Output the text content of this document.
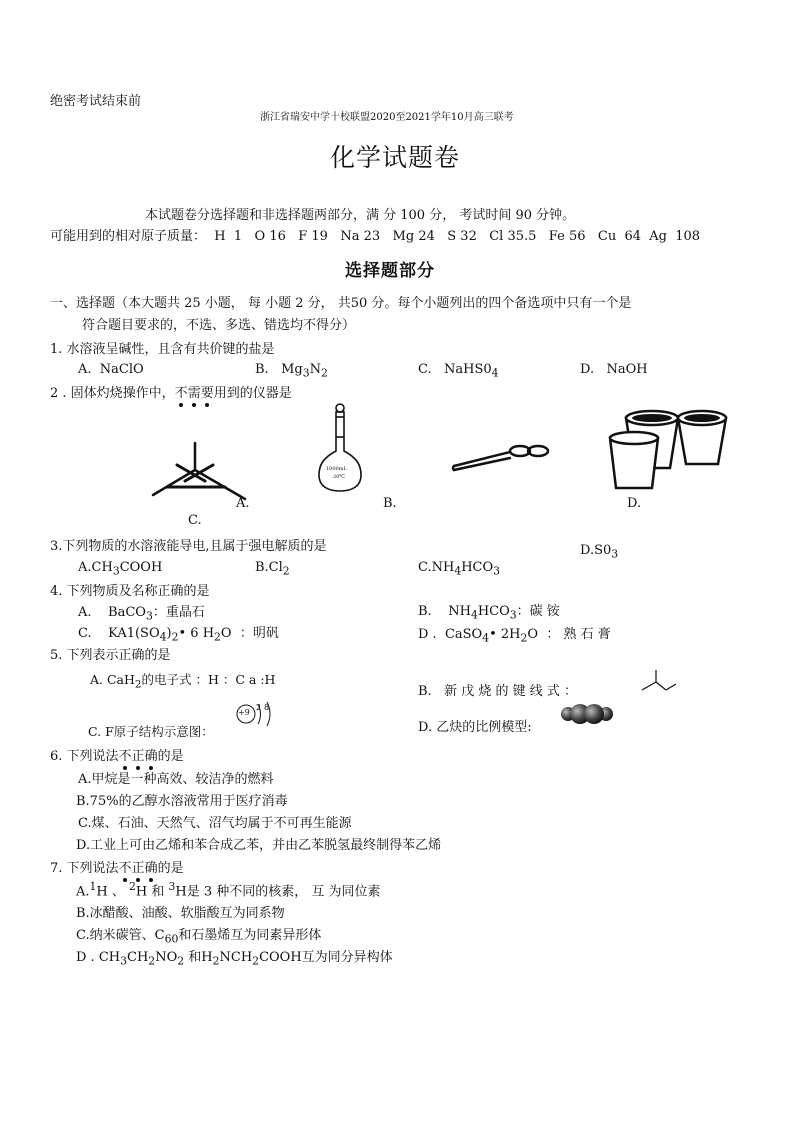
绝密考试结束前
浙江省瑞安中学十校联盟2020至2021学年10月高三联考
化学试题卷
本试题卷分选择题和非选择题两部分，满 分 100 分， 考试时间 90 分钟。
可能用到的相对原子质量：  H  1   O 16   F 19   Na 23   Mg 24   S 32   Cl 35.5   Fe 56   Cu  64  Ag  108
选择题部分
一、选择题（本大题共 25 小题， 每 小题 2 分， 共50 分。每个小题列出的四个备选项中只有一个是
符合题目要求的，不选、多选、错选均不得分）
1. 水溶液呈碱性，且含有共价键的盐是
A.  NaClO	B.   $Mg_3N_2$	C.   $NaHS0_4$	D.   NaOH
2 . 固体灼烧操作中，不需要用到的仪器是
A.
1000mL
20℃
B.	D.
C.
3.下列物质的水溶液能导电,且属于强电解质的是	$D.S0_3$
$A.CH_3COOH$	$B.Cl_2$	$C.NH_4HCO_3$
4. 下列物质及名称正确的是
A.    BaCO$_3$：重晶石	B.    $NH_4HCO_3$：碳 铵
C.    $KA1(SO_4)_2•$ 6 $H_2O$  ：明矾	D .  CaSO$_4$• $2H_2O$  ： 熟 石 膏
5. 下列表示正确的是
A. CaH$_2$的电子式 ：H ：C a :H
B.   新 戊 烧 的 键 线 式 ：
C. F原子结构示意图：
+9
2 8
D. 乙炔的比例模型:
6. 下列说法不正确的是
A.甲烷是一种高效、较洁净的燃料
B.75%的乙醇水溶液常用于医疗消毒
C.煤、石油、天然气、沼气均属于不可再生能源
D.工业上可由乙烯和苯合成乙苯，并由乙苯脱氢最终制得苯乙烯
7. 下列说法不正确的是
A.$^1$H 、 $^2$H 和 $^3$H是 3 种不同的核素， 互 为同位素
B.冰醋酸、油酸、软脂酸互为同系物
C.纳米碳管、$C_{60}$和石墨烯互为同素异形体
D . $CH_3CH_2NO_2$ 和$H_2NCH_2COOH$互为同分异构体
